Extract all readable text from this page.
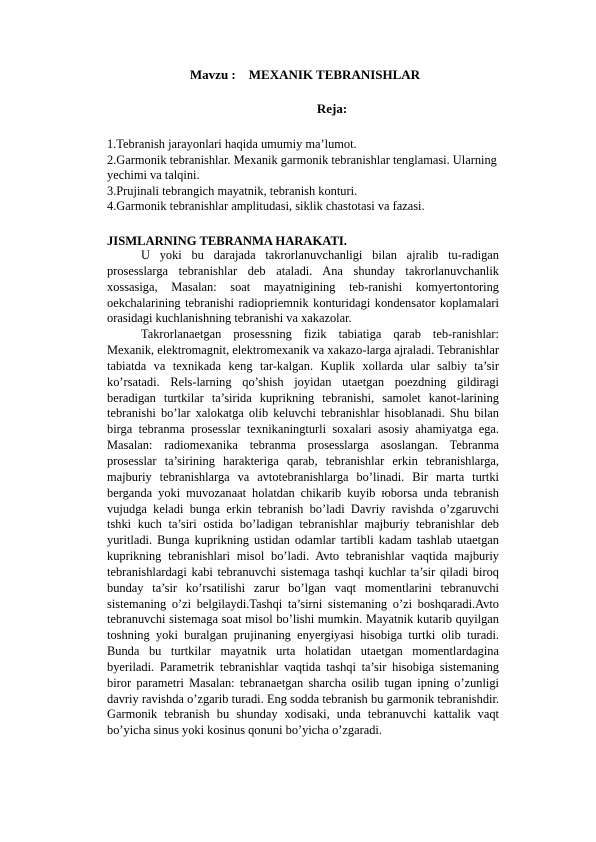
Mavzu :    MEXANIK TEBRANISHLAR
Reja:
1.Tebranish jarayonlari haqida umumiy ma’lumot.
2.Garmonik tebranishlar. Mexanik garmonik tebranishlar tenglamasi. Ularning yechimi va talqini.
3.Prujinali tebrangich mayatnik, tebranish konturi.
4.Garmonik tebranishlar amplitudasi, siklik chastotasi va fazasi.
JISMLARNING TEBRANMA HARAKATI.

U yoki bu darajada takrorlanuvchanligi bilan ajralib tu-radigan prosesslarga tebranishlar deb ataladi. Ana shunday takrorlanuvchanlik xossasiga, Masalan: soat mayatnigining teb-ranishi komyertontoring oekchalarining tebranishi radiopriemnik konturidagi kondensator koplamalari orasidagi kuchlanishning tebranishi va xakazolar.

Takrorlanaetgan prosessning fizik tabiatiga qarab teb-ranishlar: Mexanik, elektromagnit, elektromexanik va xakazo-larga ajraladi. Tebranishlar tabiatda va texnikada keng tar-kalgan. Kuplik xollarda ular salbiy ta’sir ko’rsatadi. Rels-larning qo’shish joyidan utaetgan poezdning gildiragi beradigan turtkilar ta’sirida kuprikning tebranishi, samolet kanot-larining tebranishi bo’lar xalokatga olib keluvchi tebranishlar hisoblanadi. Shu bilan birga tebranma prosesslar texnikaningturli soxalari asosiy ahamiyatga ega. Masalan: radiomexanika tebranma prosesslarga asoslangan. Tebranma prosesslar ta’sirining harakteriga qarab, tebranishlar erkin tebranishlarga, majburiy tebranishlarga va avtotebranishlarga bo’linadi. Bir marta turtki berganda yoki muvozanaat holatdan chikarib kuyib юborsa unda tebranish vujudga keladi bunga erkin tebranish bo’ladi Davriy ravishda o’zgaruvchi tshki kuch ta’siri ostida bo’ladigan tebranishlar majburiy tebranishlar deb yuritladi. Bunga kuprikning ustidan odamlar tartibli kadam tashlab utaetgan kuprikning tebranishlari misol bo’ladi. Avto tebranishlar vaqtida majburiy tebranishlardagi kabi tebranuvchi sistemaga tashqi kuchlar ta’sir qiladi biroq bunday ta’sir ko’rsatilishi zarur bo’lgan vaqt momentlarini tebranuvchi sistemaning o’zi belgilaydi.Tashqi ta’sirni sistemaning o’zi boshqaradi.Avto tebranuvchi sistemaga soat misol bo’lishi mumkin. Mayatnik kutarib quyilgan toshning yoki buralgan prujinaning enyergiyasi hisobiga turtki olib turadi. Bunda bu turtkilar mayatnik urta holatidan utaetgan momentlardagina byeriladi. Parametrik tebranishlar vaqtida tashqi ta’sir hisobiga sistemaning biror parametri Masalan: tebranaetgan sharcha osilib tugan ipning o’zunligi davriy ravishda o’zgarib turadi. Eng sodda tebranish bu garmonik tebranishdir. Garmonik tebranish bu shunday xodisaki, unda tebranuvchi kattalik vaqt bo’yicha sinus yoki kosinus qonuni bo’yicha o’zgaradi.
